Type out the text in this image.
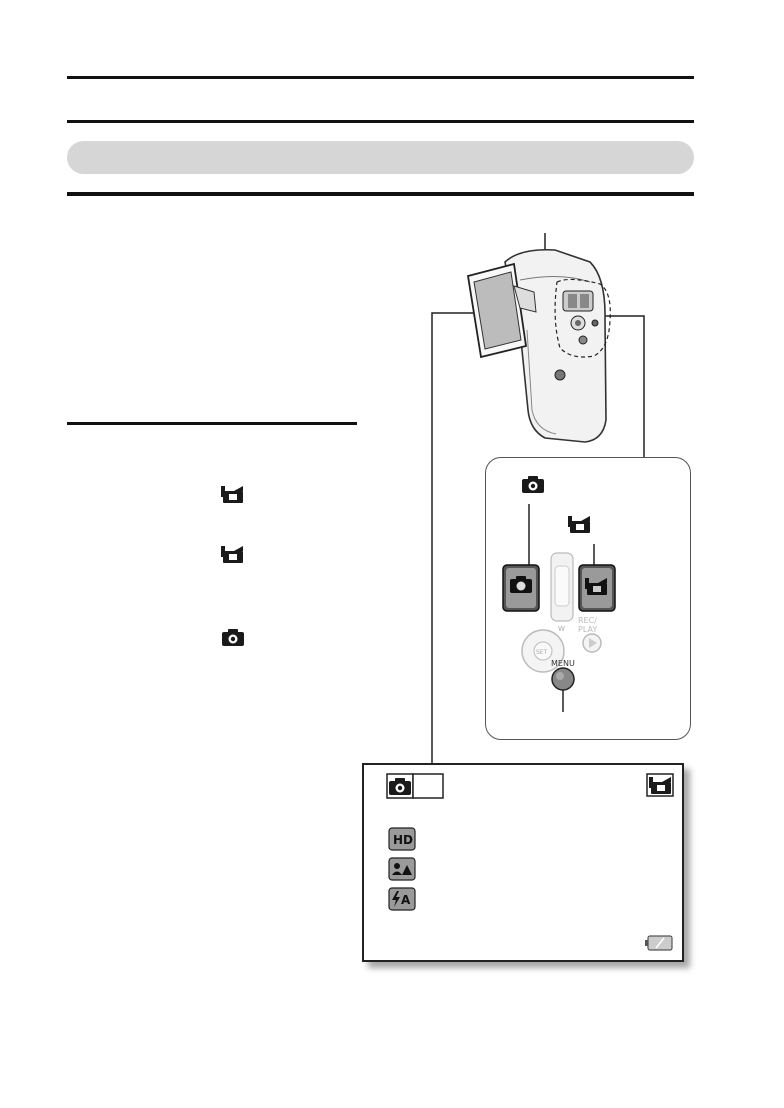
W
SET
REC/
PLAY
MENU
HD
A
